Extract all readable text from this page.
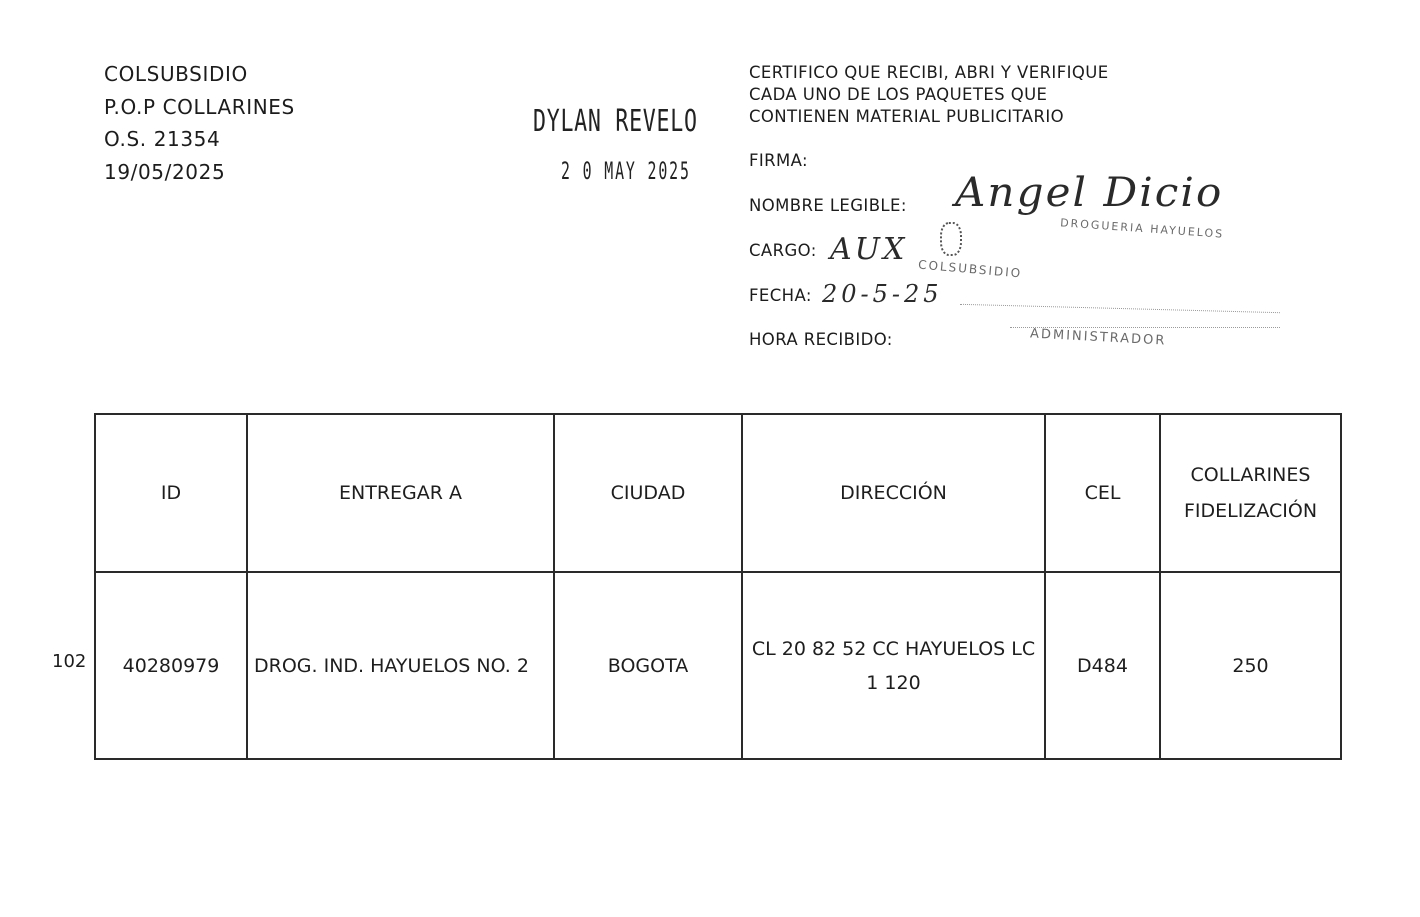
COLSUBSIDIO
P.O.P COLLARINES
O.S. 21354
19/05/2025
DYLAN REVELO
2 0 MAY 2025
CERTIFICO QUE RECIBI, ABRI Y VERIFIQUE
CADA UNO DE LOS PAQUETES QUE
CONTIENEN MATERIAL PUBLICITARIO
FIRMA:
NOMBRE LEGIBLE:
CARGO:
FECHA:
HORA RECIBIDO:
Angel Dicio
AUX
20-5-25
DROGUERIA HAYUELOS
COLSUBSIDIO
ADMINISTRADOR
102
ID	ENTREGAR A	CIUDAD	DIRECCIÓN	CEL	COLLARINES FIDELIZACIÓN
40280979	DROG. IND. HAYUELOS NO. 2	BOGOTA	CL 20 82 52 CC HAYUELOS LC 1 120	D484	250
